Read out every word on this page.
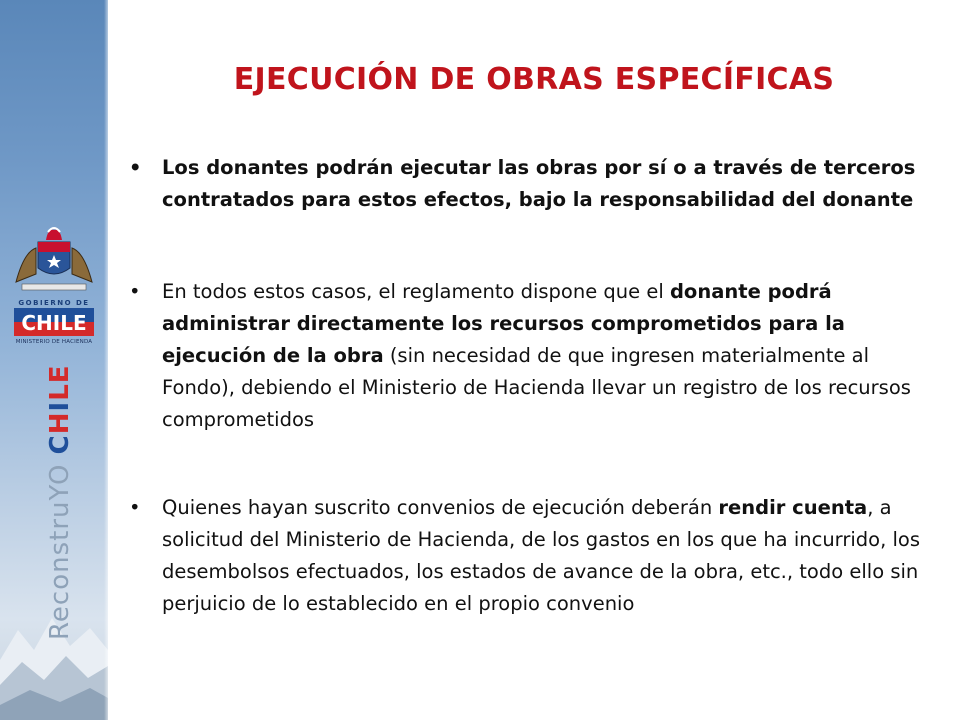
GOBIERNO DE
CHILE
MINISTERIO DE HACIENDA
ReconstruYO CHILE
EJECUCIÓN DE OBRAS ESPECÍFICAS
• Los donantes podrán ejecutar las obras por sí o a través de terceros contratados para estos efectos, bajo la responsabilidad del donante
• En todos estos casos, el reglamento dispone que el donante podrá administrar directamente los recursos comprometidos para la ejecución de la obra (sin necesidad de que ingresen materialmente al Fondo), debiendo el Ministerio de Hacienda llevar un registro de los recursos comprometidos
• Quienes hayan suscrito convenios de ejecución deberán rendir cuenta, a solicitud del Ministerio de Hacienda, de los gastos en los que ha incurrido, los desembolsos efectuados, los estados de avance de la obra, etc., todo ello sin perjuicio de lo establecido en el propio convenio
